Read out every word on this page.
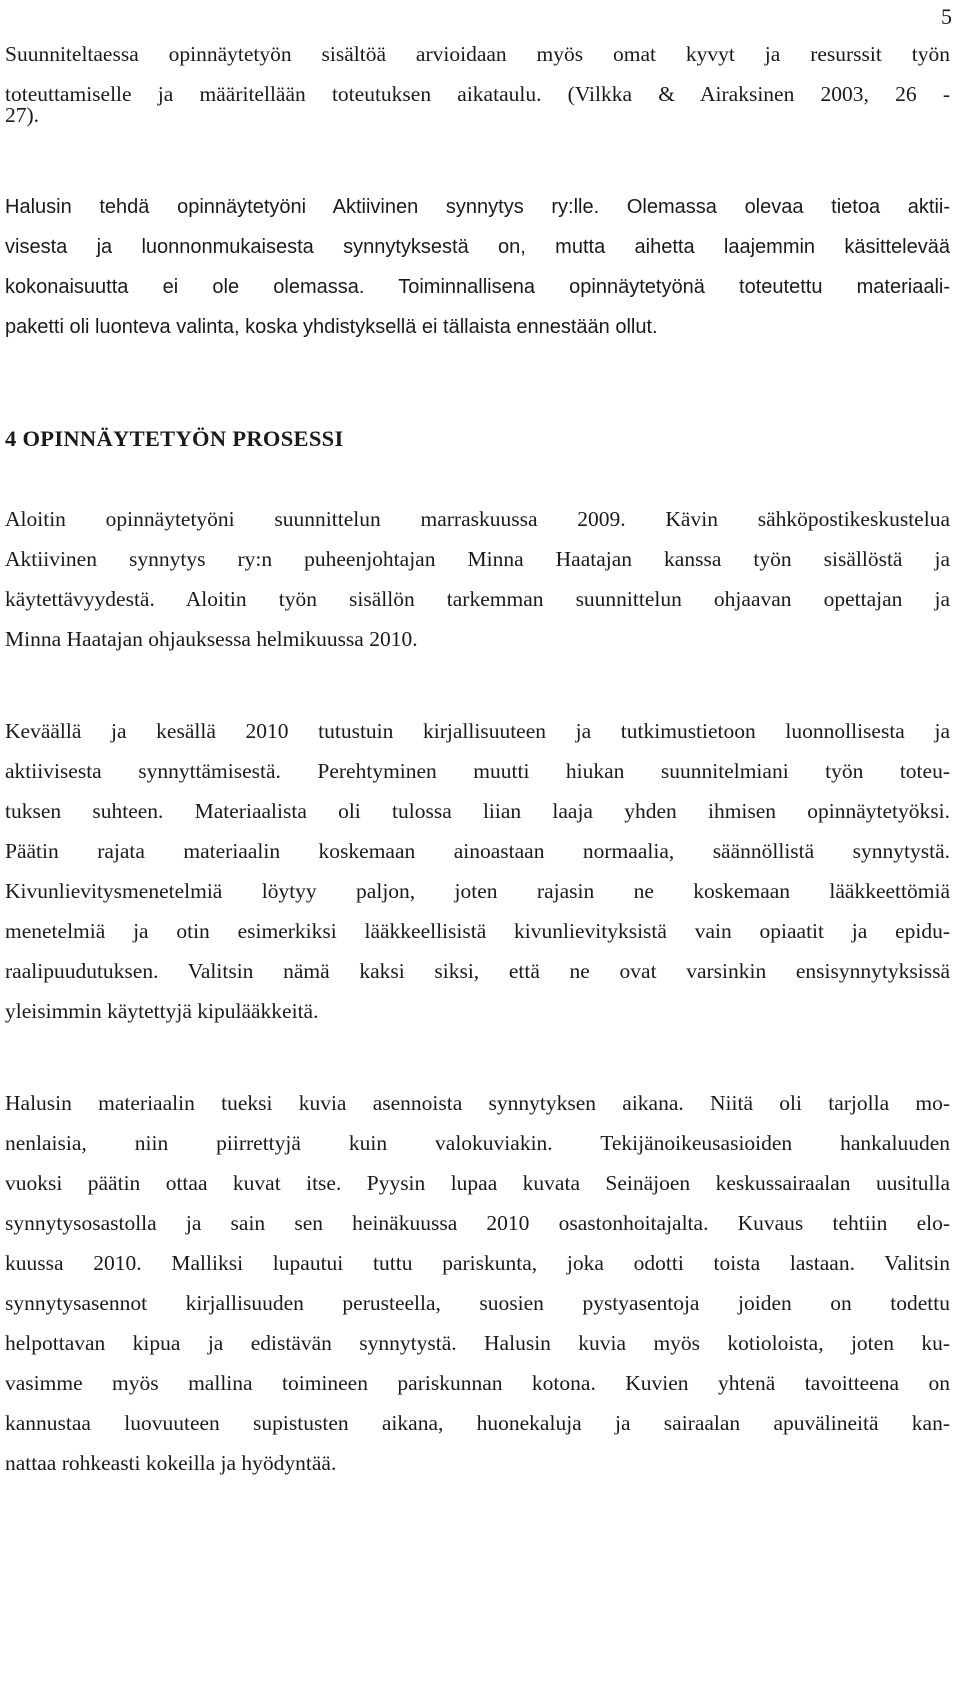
5
Suunniteltaessa opinnäytetyön sisältöä arvioidaan myös omat kyvyt ja resurssit työn
toteuttamiselle ja määritellään toteutuksen aikataulu. (Vilkka & Airaksinen 2003, 26 -
27).
Halusin tehdä opinnäytetyöni Aktiivinen synnytys ry:lle. Olemassa olevaa tietoa aktii-
visesta ja luonnonmukaisesta synnytyksestä on, mutta aihetta laajemmin käsittelevää
kokonaisuutta ei ole olemassa. Toiminnallisena opinnäytetyönä toteutettu materiaali-
paketti oli luonteva valinta, koska yhdistyksellä ei tällaista ennestään ollut.
4 OPINNÄYTETYÖN PROSESSI
Aloitin opinnäytetyöni suunnittelun marraskuussa 2009. Kävin sähköpostikeskustelua
Aktiivinen synnytys ry:n puheenjohtajan Minna Haatajan kanssa työn sisällöstä ja
käytettävyydestä. Aloitin työn sisällön tarkemman suunnittelun ohjaavan opettajan ja
Minna Haatajan ohjauksessa helmikuussa 2010.
Keväällä ja kesällä 2010 tutustuin kirjallisuuteen ja tutkimustietoon luonnollisesta ja
aktiivisesta synnyttämisestä. Perehtyminen muutti hiukan suunnitelmiani työn toteu-
tuksen suhteen. Materiaalista oli tulossa liian laaja yhden ihmisen opinnäytetyöksi.
Päätin rajata materiaalin koskemaan ainoastaan normaalia, säännöllistä synnytystä.
Kivunlievitysmenetelmiä löytyy paljon, joten rajasin ne koskemaan lääkkeettömiä
menetelmiä ja otin esimerkiksi lääkkeellisistä kivunlievityksistä vain opiaatit ja epidu-
raalipuudutuksen. Valitsin nämä kaksi siksi, että ne ovat varsinkin ensisynnytyksissä
yleisimmin käytettyjä kipulääkkeitä.
Halusin materiaalin tueksi kuvia asennoista synnytyksen aikana. Niitä oli tarjolla mo-
nenlaisia, niin piirrettyjä kuin valokuviakin. Tekijänoikeusasioiden hankaluuden
vuoksi päätin ottaa kuvat itse. Pyysin lupaa kuvata Seinäjoen keskussairaalan uusitulla
synnytysosastolla ja sain sen heinäkuussa 2010 osastonhoitajalta. Kuvaus tehtiin elo-
kuussa 2010. Malliksi lupautui tuttu pariskunta, joka odotti toista lastaan. Valitsin
synnytysasennot kirjallisuuden perusteella, suosien pystyasentoja joiden on todettu
helpottavan kipua ja edistävän synnytystä. Halusin kuvia myös kotioloista, joten ku-
vasimme myös mallina toimineen pariskunnan kotona. Kuvien yhtenä tavoitteena on
kannustaa luovuuteen supistusten aikana, huonekaluja ja sairaalan apuvälineitä kan-
nattaa rohkeasti kokeilla ja hyödyntää.
